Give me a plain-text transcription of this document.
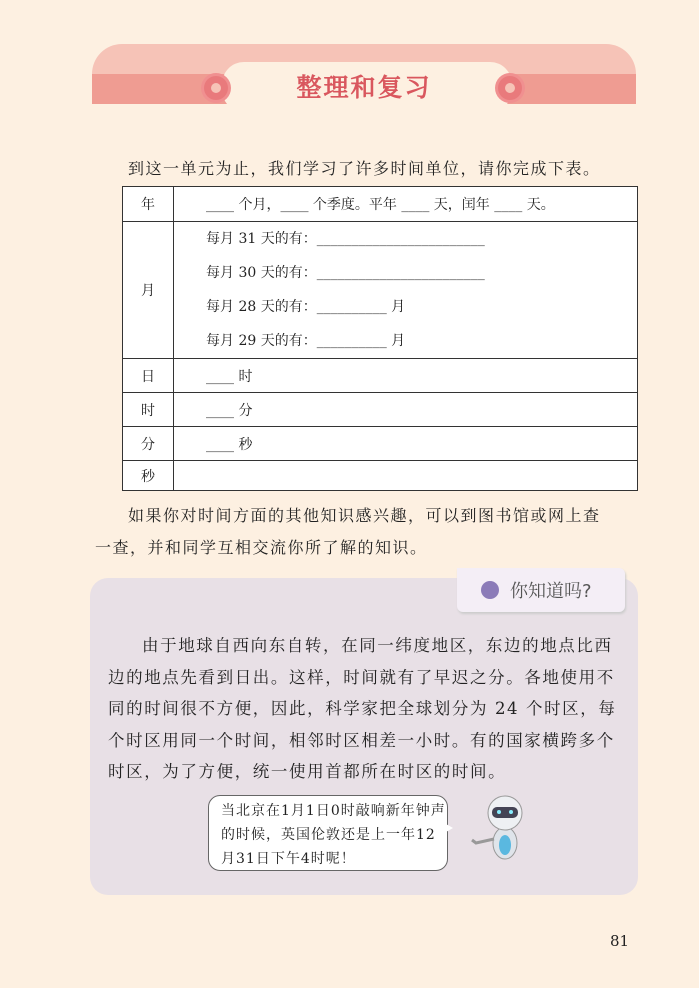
整理和复习
到这一单元为止，我们学习了许多时间单位，请你完成下表。
年	____ 个月，____ 个季度。平年 ____ 天，闰年 ____ 天。
月	每月 31 天的有：________________________
每月 30 天的有：________________________
每月 28 天的有：__________ 月
每月 29 天的有：__________ 月

日	____ 时
时	____ 分
分	____ 秒
秒	
如果你对时间方面的其他知识感兴趣，可以到图书馆或网上查
一查，并和同学互相交流你所了解的知识。
你知道吗?
由于地球自西向东自转，在同一纬度地区，东边的地点比西边的地点先看到日出。这样，时间就有了早迟之分。各地使用不同的时间很不方便，因此，科学家把全球划分为 24 个时区，每个时区用同一个时间，相邻时区相差一小时。有的国家横跨多个时区，为了方便，统一使用首都所在时区的时间。
当北京在1月1日0时敲响新年钟声的时候，英国伦敦还是上一年12月31日下午4时呢！
81
